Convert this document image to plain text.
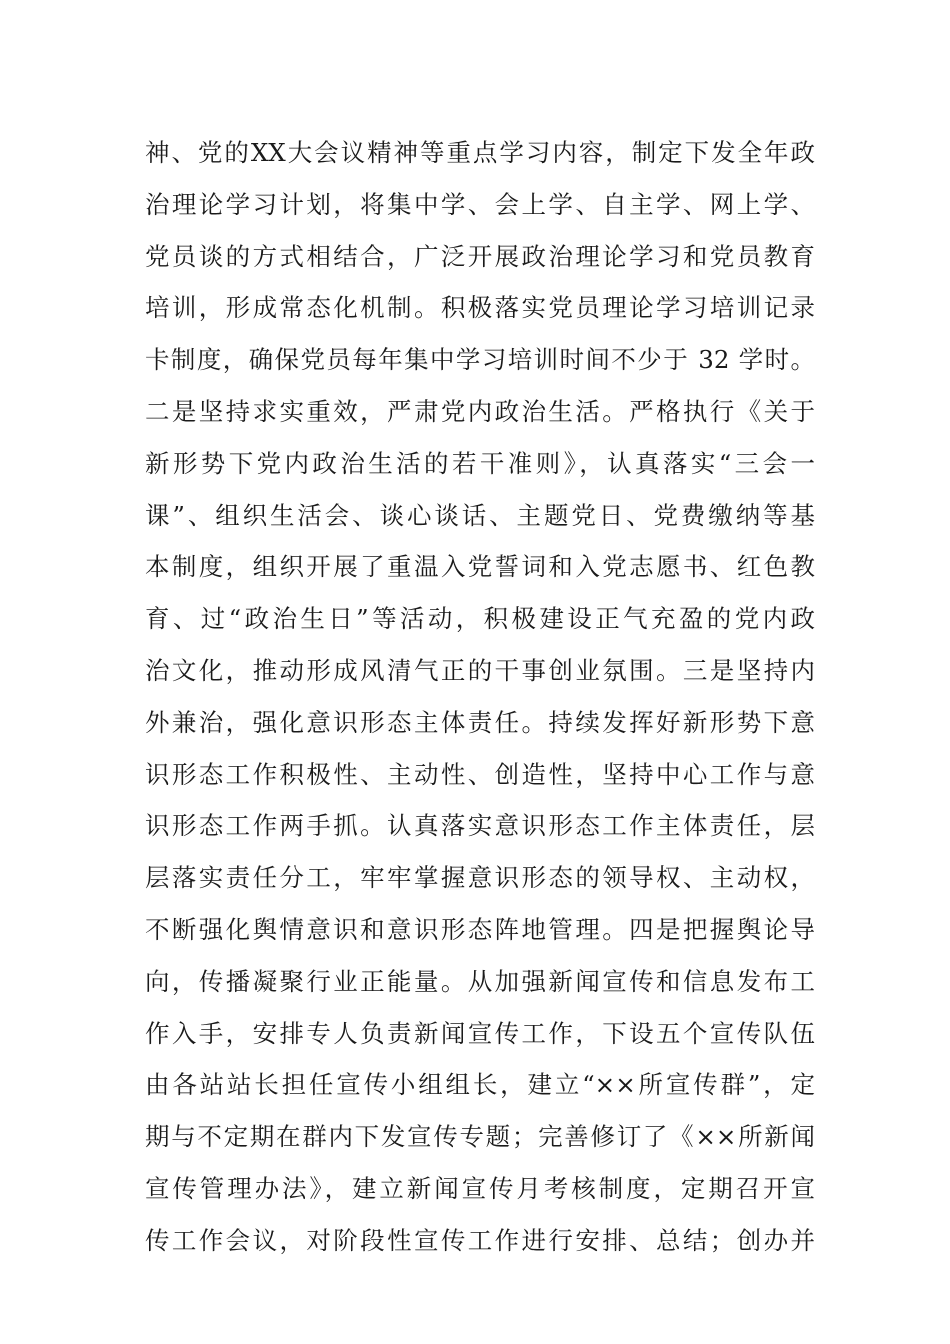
神、党的XX大会议精神等重点学习内容，制定下发全年政
治理论学习计划，将集中学、会上学、自主学、网上学、
党员谈的方式相结合，广泛开展政治理论学习和党员教育
培训，形成常态化机制。积极落实党员理论学习培训记录
卡制度，确保党员每年集中学习培训时间不少于 32 学时。
二是坚持求实重效，严肃党内政治生活。严格执行《关于
新形势下党内政治生活的若干准则》，认真落实“三会一
课”、组织生活会、谈心谈话、主题党日、党费缴纳等基
本制度，组织开展了重温入党誓词和入党志愿书、红色教
育、过“政治生日”等活动，积极建设正气充盈的党内政
治文化，推动形成风清气正的干事创业氛围。三是坚持内
外兼治，强化意识形态主体责任。持续发挥好新形势下意
识形态工作积极性、主动性、创造性，坚持中心工作与意
识形态工作两手抓。认真落实意识形态工作主体责任，层
层落实责任分工，牢牢掌握意识形态的领导权、主动权，
不断强化舆情意识和意识形态阵地管理。四是把握舆论导
向，传播凝聚行业正能量。从加强新闻宣传和信息发布工
作入手，安排专人负责新闻宣传工作，下设五个宣传队伍
由各站站长担任宣传小组组长，建立“××所宣传群”，定
期与不定期在群内下发宣传专题；完善修订了《××所新闻
宣传管理办法》，建立新闻宣传月考核制度，定期召开宣
传工作会议，对阶段性宣传工作进行安排、总结；创办并
